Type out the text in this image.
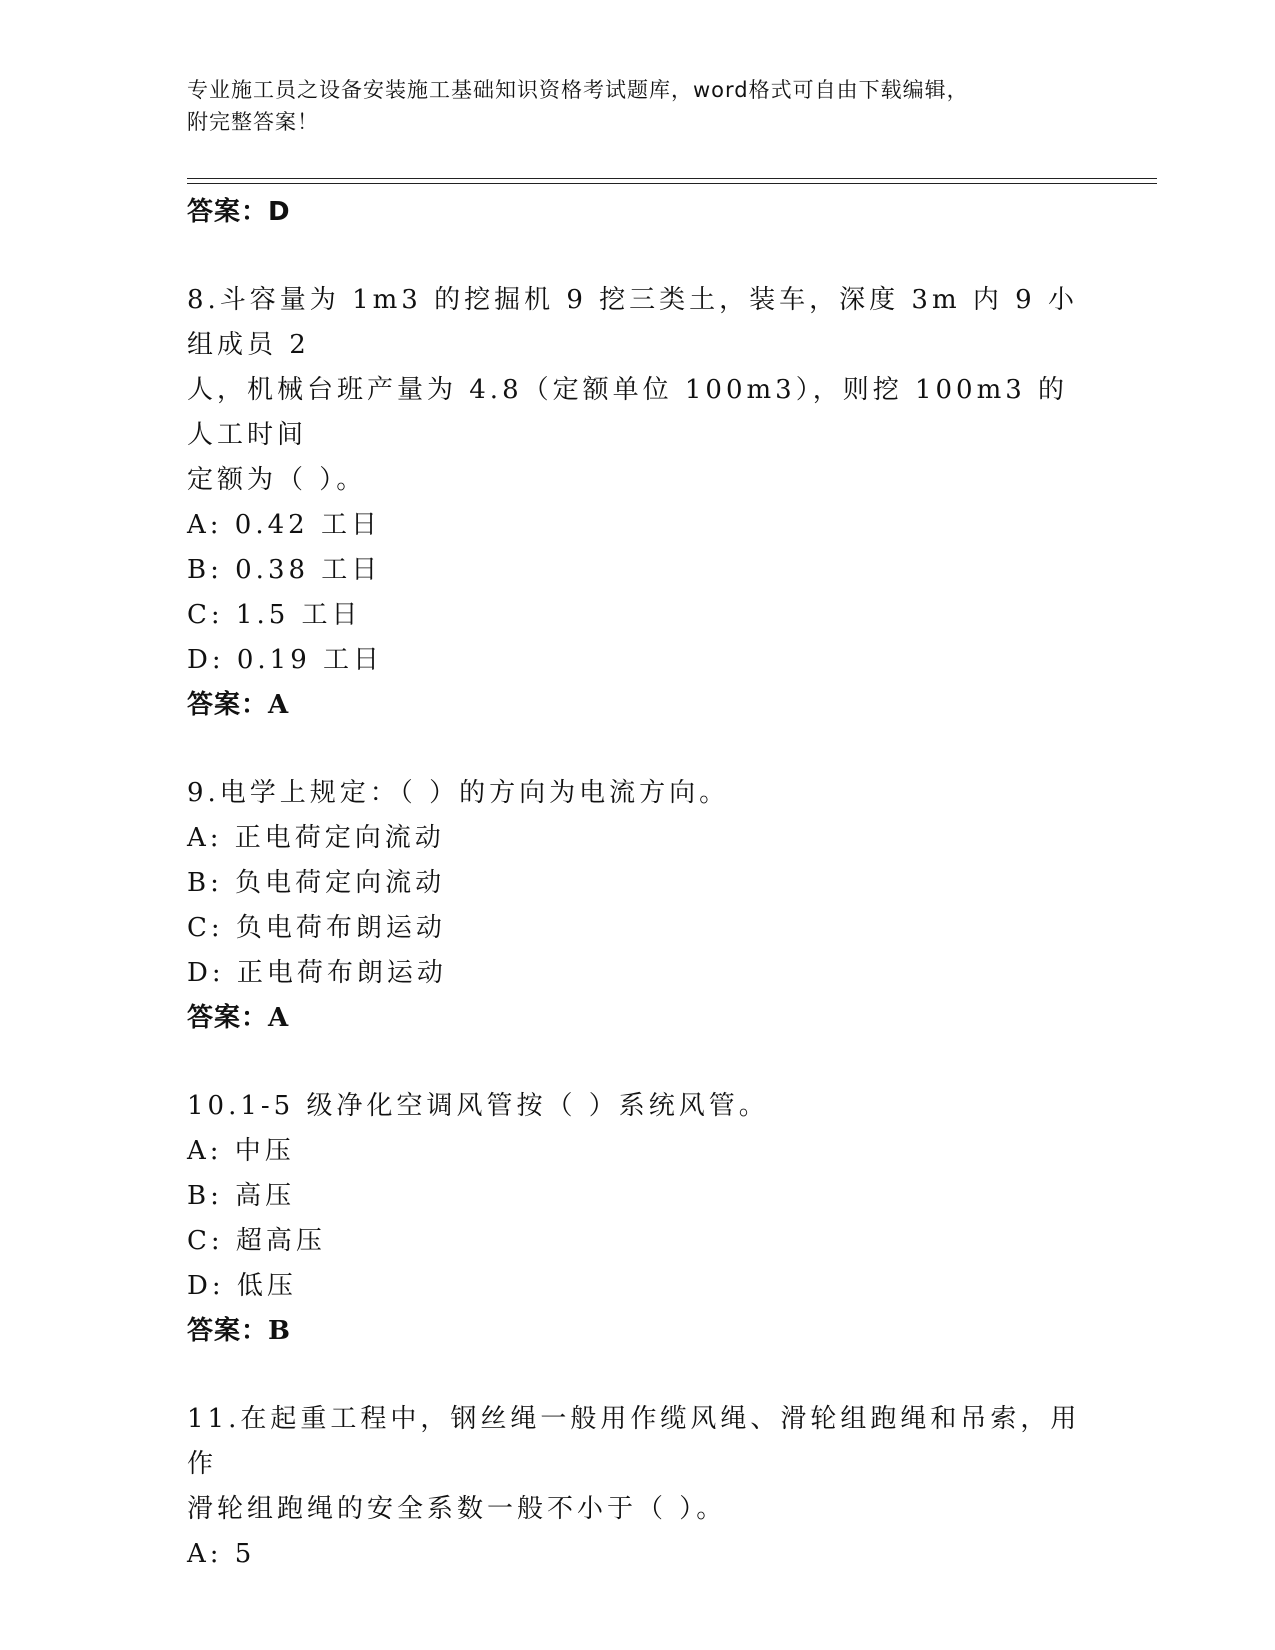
专业施工员之设备安装施工基础知识资格考试题库，word格式可自由下载编辑，
附完整答案！
答案：D
8.斗容量为 1m3 的挖掘机 9 挖三类土，装车，深度 3m 内 9 小组成员 2
人，机械台班产量为 4.8（定额单位 100m3），则挖 100m3 的人工时间
定额为（ ）。
A: 0.42 工日
B: 0.38 工日
C: 1.5 工日
D: 0.19 工日
答案：A
9.电学上规定：（ ）的方向为电流方向。
A: 正电荷定向流动
B: 负电荷定向流动
C: 负电荷布朗运动
D: 正电荷布朗运动
答案：A
10.1-5 级净化空调风管按（ ）系统风管。
A: 中压
B: 高压
C: 超高压
D: 低压
答案：B
11.在起重工程中，钢丝绳一般用作缆风绳、滑轮组跑绳和吊索，用作
滑轮组跑绳的安全系数一般不小于（ ）。
A: 5
